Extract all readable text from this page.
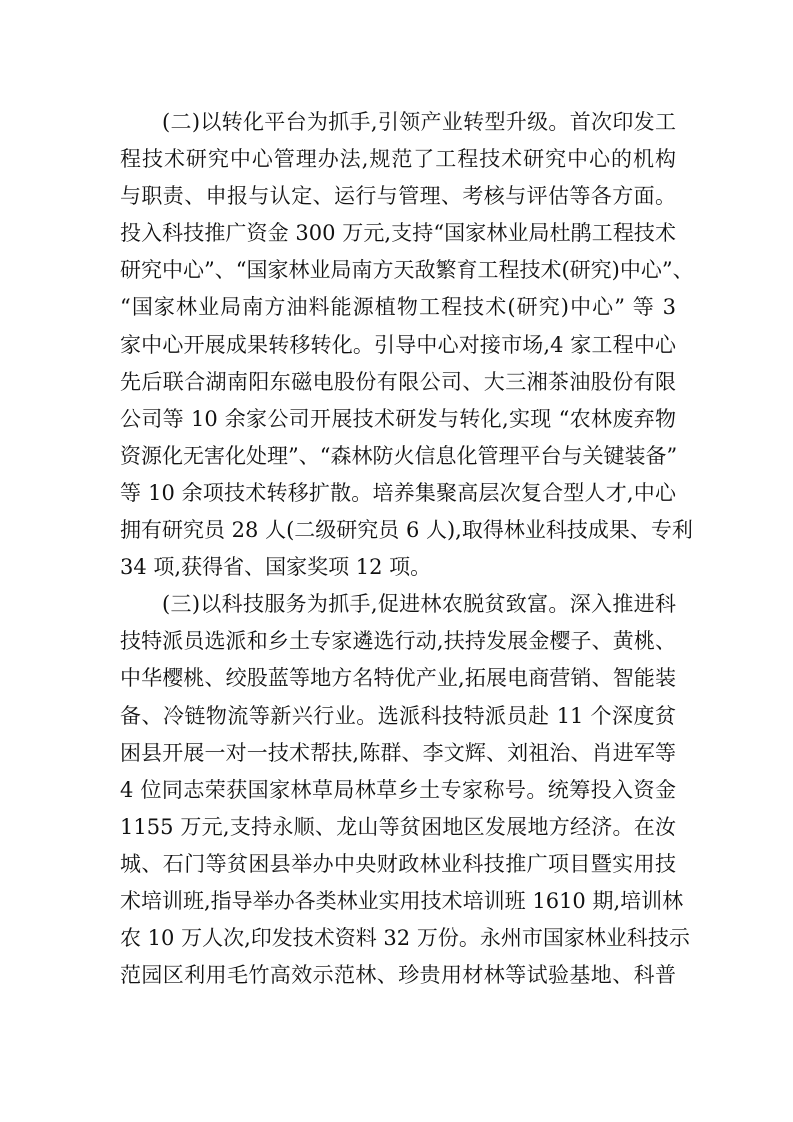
(二)以转化平台为抓手,引领产业转型升级。首次印发工
程技术研究中心管理办法,规范了工程技术研究中心的机构
与职责、申报与认定、运行与管理、考核与评估等各方面。
投入科技推广资金 300 万元,支持“国家林业局杜鹃工程技术
研究中心”、“国家林业局南方天敌繁育工程技术(研究)中心”、
“国家林业局南方油料能源植物工程技术(研究)中心” 等 3
家中心开展成果转移转化。引导中心对接市场,4 家工程中心
先后联合湖南阳东磁电股份有限公司、大三湘茶油股份有限
公司等 10 余家公司开展技术研发与转化,实现 “农林废弃物
资源化无害化处理”、“森林防火信息化管理平台与关键装备”
等 10 余项技术转移扩散。培养集聚高层次复合型人才,中心
拥有研究员 28 人(二级研究员 6 人),取得林业科技成果、专利
34 项,获得省、国家奖项 12 项。
(三)以科技服务为抓手,促进林农脱贫致富。深入推进科
技特派员选派和乡土专家遴选行动,扶持发展金樱子、黄桃、
中华樱桃、绞股蓝等地方名特优产业,拓展电商营销、智能装
备、冷链物流等新兴行业。选派科技特派员赴 11 个深度贫
困县开展一对一技术帮扶,陈群、李文辉、刘祖治、肖进军等
4 位同志荣获国家林草局林草乡土专家称号。统筹投入资金
1155 万元,支持永顺、龙山等贫困地区发展地方经济。在汝
城、石门等贫困县举办中央财政林业科技推广项目暨实用技
术培训班,指导举办各类林业实用技术培训班 1610 期,培训林
农 10 万人次,印发技术资料 32 万份。永州市国家林业科技示
范园区利用毛竹高效示范林、珍贵用材林等试验基地、科普
